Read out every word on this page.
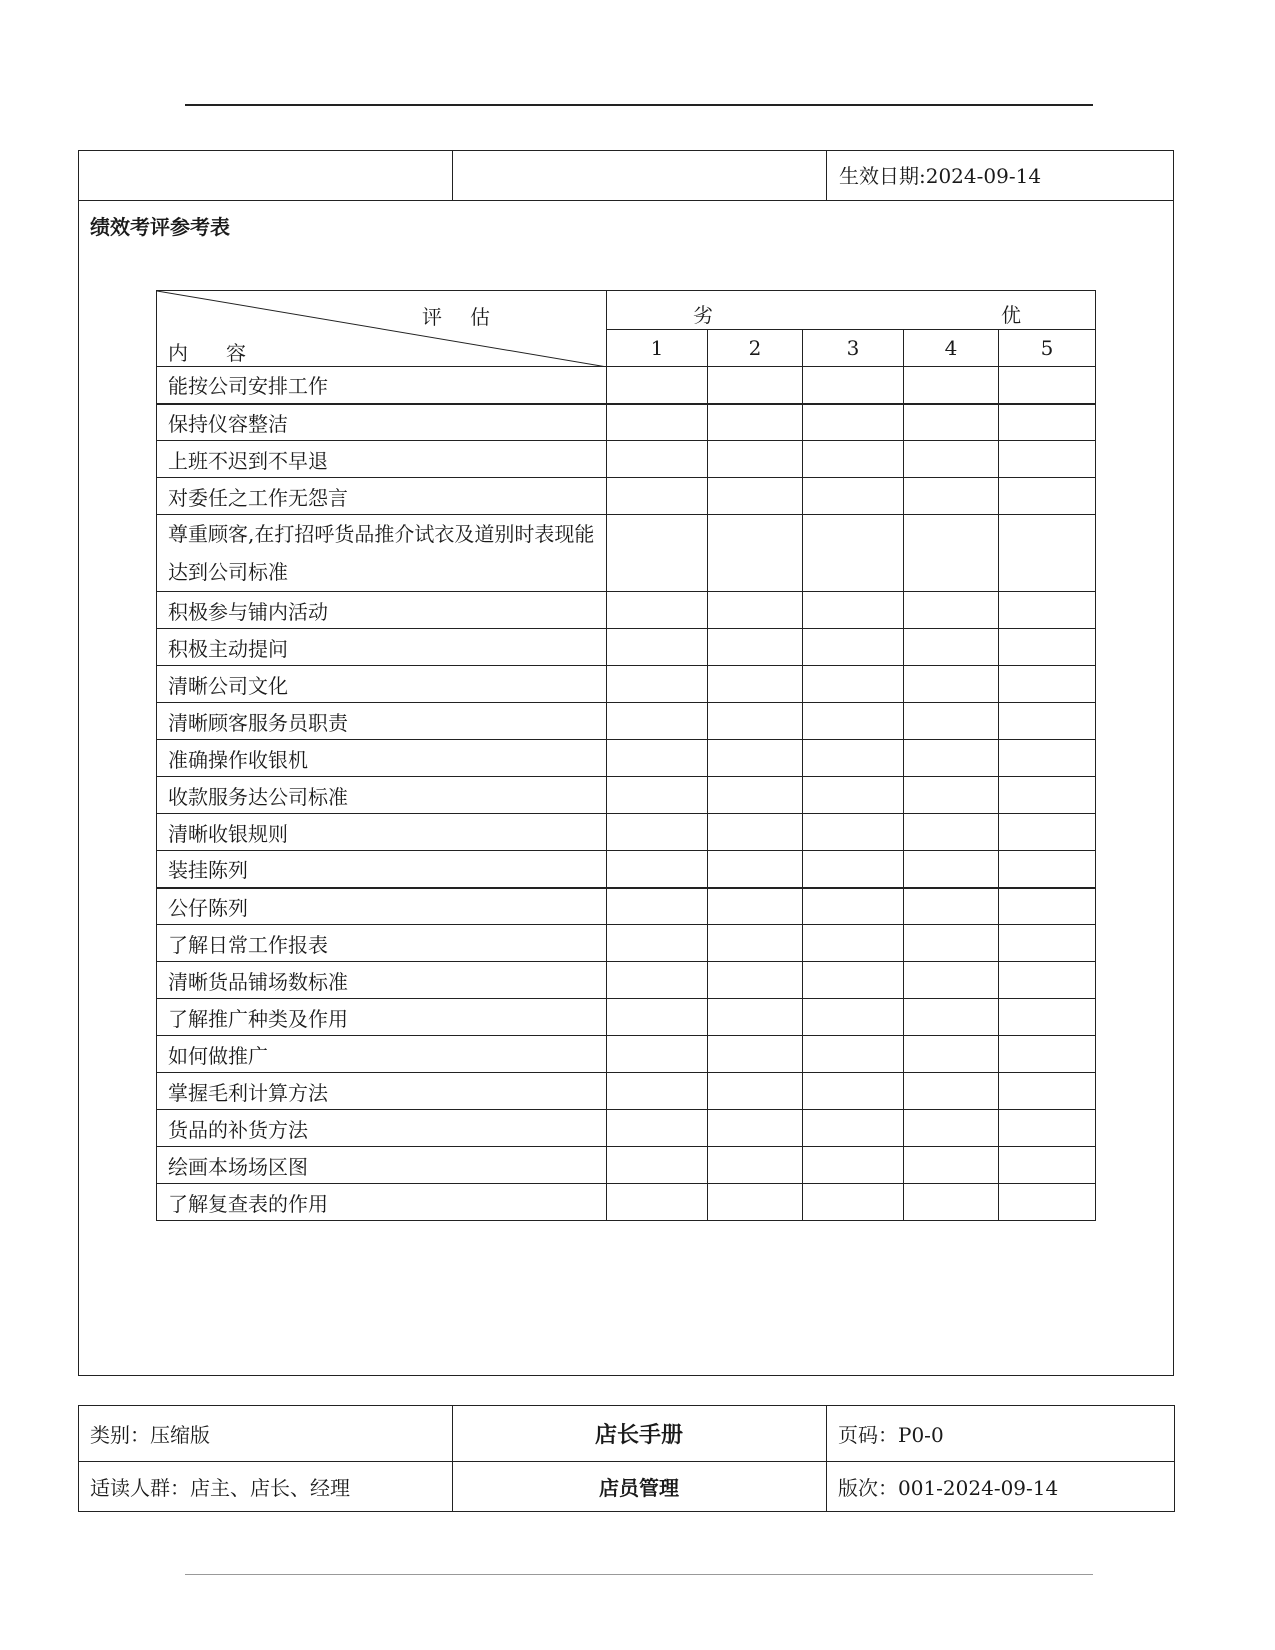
生效日期:2024-09-14
绩效考评参考表
评估
内容	劣 优				

	1	2	3	4	5
能按公司安排工作					
保持仪容整洁					
上班不迟到不早退					
对委任之工作无怨言					
尊重顾客,在打招呼货品推介试衣及道别时表现能达到公司标准					
积极参与铺内活动					
积极主动提问					
清晰公司文化					
清晰顾客服务员职责					
准确操作收银机					
收款服务达公司标准					
清晰收银规则					
装挂陈列					
公仔陈列					
了解日常工作报表					
清晰货品铺场数标准					
了解推广种类及作用					
如何做推广					
掌握毛利计算方法					
货品的补货方法					
绘画本场场区图					
了解复查表的作用					
类别：压缩版	店长手册	页码：P0-0
适读人群：店主、店长、经理	店员管理	版次：001-2024-09-14
